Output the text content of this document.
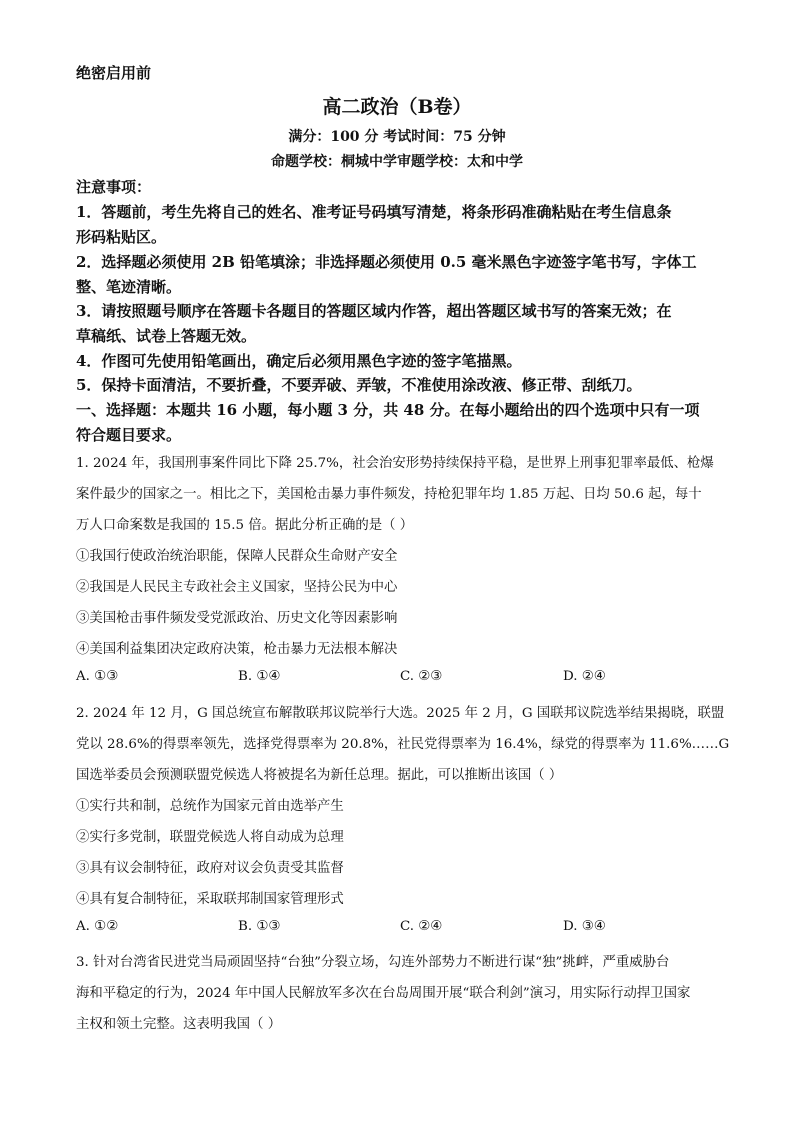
绝密启用前
高二政治（B卷）
满分：100 分 考试时间：75 分钟
命题学校：桐城中学审题学校：太和中学
注意事项：
1．答题前，考生先将自己的姓名、准考证号码填写清楚，将条形码准确粘贴在考生信息条
形码粘贴区。
2．选择题必须使用 2B 铅笔填涂；非选择题必须使用 0.5 毫米黑色字迹签字笔书写，字体工
整、笔迹清晰。
3．请按照题号顺序在答题卡各题目的答题区域内作答，超出答题区域书写的答案无效；在
草稿纸、试卷上答题无效。
4．作图可先使用铅笔画出，确定后必须用黑色字迹的签字笔描黑。
5．保持卡面清洁，不要折叠，不要弄破、弄皱，不准使用涂改液、修正带、刮纸刀。
一、选择题：本题共 16 小题，每小题 3 分，共 48 分。在每小题给出的四个选项中只有一项
符合题目要求。
1. 2024 年，我国刑事案件同比下降 25.7%，社会治安形势持续保持平稳，是世界上刑事犯罪率最低、枪爆
案件最少的国家之一。相比之下，美国枪击暴力事件频发，持枪犯罪年均 1.85 万起、日均 50.6 起，每十
万人口命案数是我国的 15.5 倍。据此分析正确的是（ ）
①我国行使政治统治职能，保障人民群众生命财产安全
②我国是人民民主专政社会主义国家，坚持公民为中心
③美国枪击事件频发受党派政治、历史文化等因素影响
④美国利益集团决定政府决策，枪击暴力无法根本解决
A. ①③	B. ①④	C. ②③	D. ②④
2. 2024 年 12 月，G 国总统宣布解散联邦议院举行大选。2025 年 2 月，G 国联邦议院选举结果揭晓，联盟
党以 28.6%的得票率领先，选择党得票率为 20.8%，社民党得票率为 16.4%，绿党的得票率为 11.6%……G
国选举委员会预测联盟党候选人将被提名为新任总理。据此，可以推断出该国（ ）
①实行共和制，总统作为国家元首由选举产生
②实行多党制，联盟党候选人将自动成为总理
③具有议会制特征，政府对议会负责受其监督
④具有复合制特征，采取联邦制国家管理形式
A. ①②	B. ①③	C. ②④	D. ③④
3. 针对台湾省民进党当局顽固坚持“台独”分裂立场，勾连外部势力不断进行谋“独”挑衅，严重威胁台
海和平稳定的行为，2024 年中国人民解放军多次在台岛周围开展“联合利剑”演习，用实际行动捍卫国家
主权和领土完整。这表明我国（ ）
